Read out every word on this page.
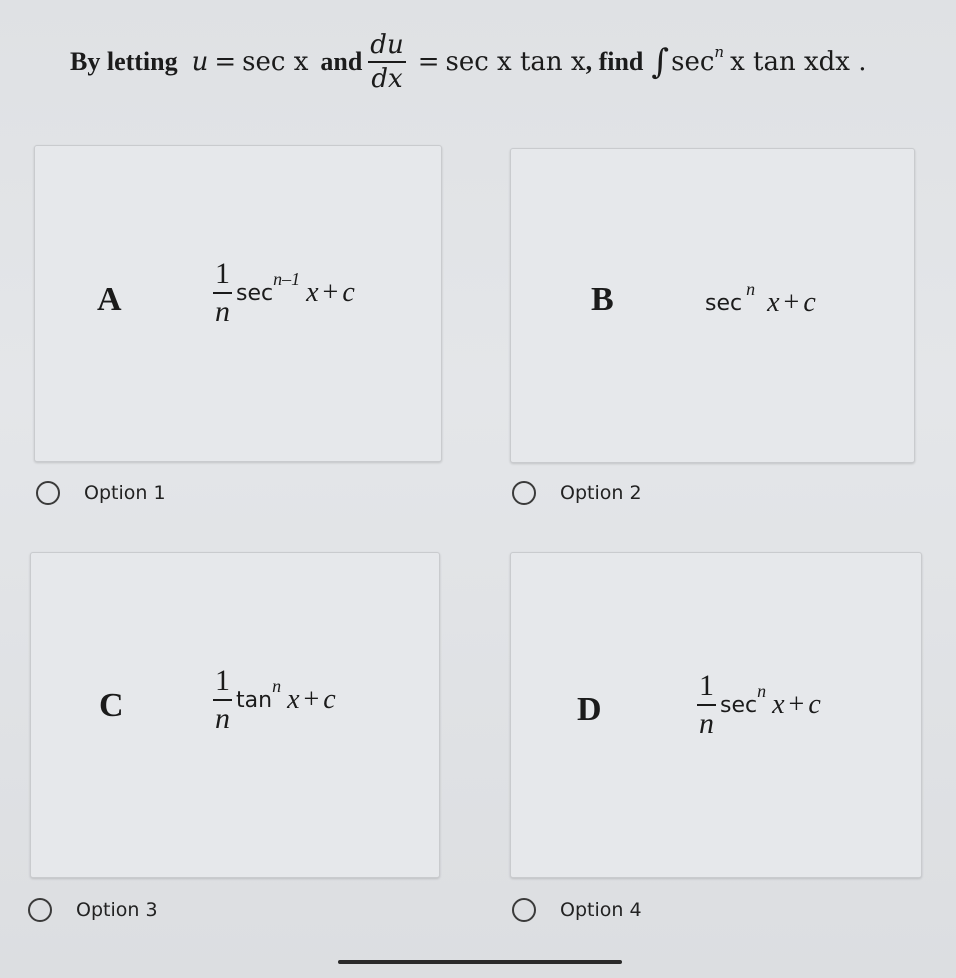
By letting u = sec x and $\frac{du}{dx} = \sec x$ tan x , find ∫ sec n x tan xdx .
A	$\frac{1}{n}$ sec
n–1 x + c	B	sec
n x + c
C	$\frac{1}{n}$ tan
n x + c	D	$\frac{1}{n}$ sec
n x + c
Option 1	Option 2
Option 3	Option 4
